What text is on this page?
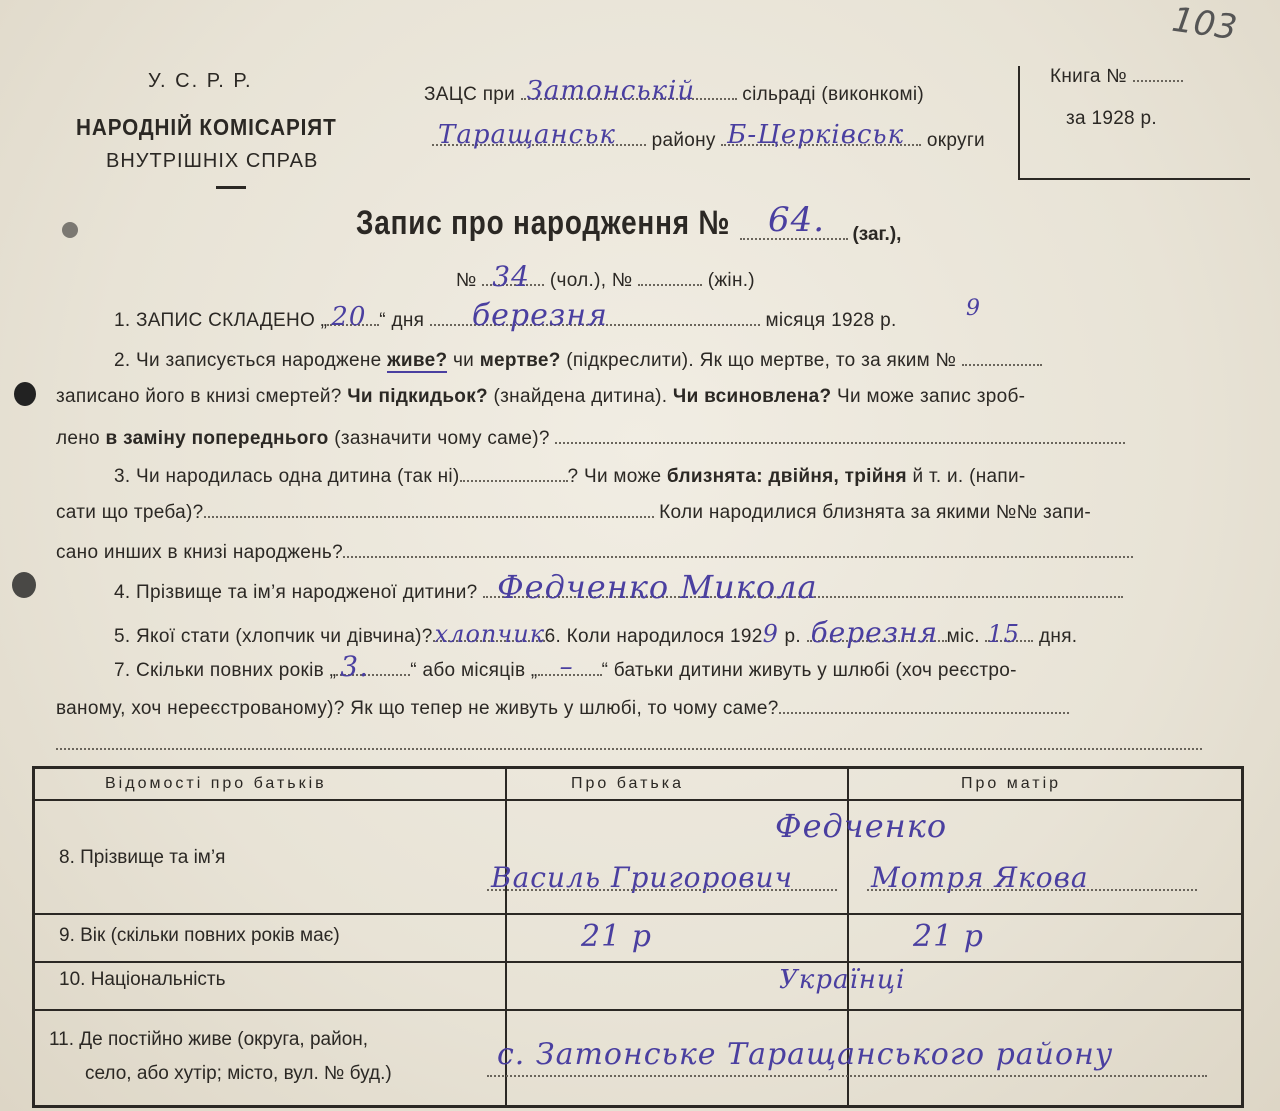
103
У. С. Р. Р.
НАРОДНІЙ КОМІСАРІЯТ
ВНУТРІШНІХ СПРАВ
ЗАЦС при Затонській сільраді (виконкомі)
Таращанськ району Б-Церківськ округи
Книга №
за 1928 р.
Запис про народження №	64. (заг.),
№ 34 (чол.), №	(жін.)
1. ЗАПИС СКЛАДЕНО „ 20 “ дня березня	місяця 1928 р.	9
2. Чи записується народжене живе? чи мертве? (підкреслити). Як що мертве, то за яким №
записано його в книзі смертей? Чи підкидьок? (знайдена дитина). Чи всиновлена? Чи може запис зроб-
лено в заміну попереднього (зазначити чому саме)?
3. Чи народилась одна дитина (так ні)	? Чи може близнята: двійня, трійня й т. и. (напи-
сати що треба)?	Коли народилися близнята за якими №№ запи-
сано инших в книзі народжень?
4. Прізвище та ім’я народженої дитини? Федченко Микола
5. Якої стати (хлопчик чи дівчина)? хлопчик 6. Коли народилося 1929 р. березня міс. 15 дня.
7. Скільки повних років „ 3. “ або місяців „ – “ батьки дитини живуть у шлюбі (хоч реєстро-
ваному, хоч нереєстрованому)? Як що тепер не живуть у шлюбі, то чому саме?
Відомості про батьків	Про батька	Про матір
8. Прізвище та ім’я
Федченко
Василь Григорович	Мотря Якова
9. Вік (скільки повних років має)	21 р	21 р
10. Національність	Українці
11. Де постійно живе (округа, район,
село, або хутір; місто, вул. № буд.)
с. Затонське Таращанського району
